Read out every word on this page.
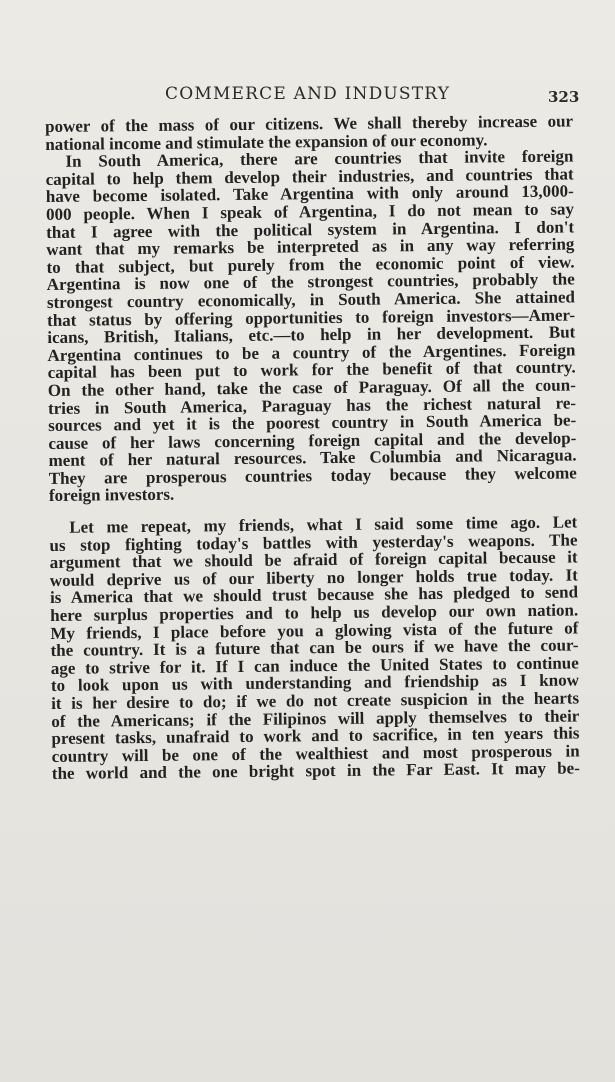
COMMERCE AND INDUSTRY	323
power of the mass of our citizens. We shall thereby increase our
national income and stimulate the expansion of our economy.
In South America, there are countries that invite foreign
capital to help them develop their industries, and countries that
have become isolated. Take Argentina with only around 13,000-
000 people. When I speak of Argentina, I do not mean to say
that I agree with the political system in Argentina. I don't
want that my remarks be interpreted as in any way referring
to that subject, but purely from the economic point of view.
Argentina is now one of the strongest countries, probably the
strongest country economically, in South America. She attained
that status by offering opportunities to foreign investors—Amer-
icans, British, Italians, etc.—to help in her development. But
Argentina continues to be a country of the Argentines. Foreign
capital has been put to work for the benefit of that country.
On the other hand, take the case of Paraguay. Of all the coun-
tries in South America, Paraguay has the richest natural re-
sources and yet it is the poorest country in South America be-
cause of her laws concerning foreign capital and the develop-
ment of her natural resources. Take Columbia and Nicaragua.
They are prosperous countries today because they welcome
foreign investors.
Let me repeat, my friends, what I said some time ago. Let
us stop fighting today's battles with yesterday's weapons. The
argument that we should be afraid of foreign capital because it
would deprive us of our liberty no longer holds true today. It
is America that we should trust because she has pledged to send
here surplus properties and to help us develop our own nation.
My friends, I place before you a glowing vista of the future of
the country. It is a future that can be ours if we have the cour-
age to strive for it. If I can induce the United States to continue
to look upon us with understanding and friendship as I know
it is her desire to do; if we do not create suspicion in the hearts
of the Americans; if the Filipinos will apply themselves to their
present tasks, unafraid to work and to sacrifice, in ten years this
country will be one of the wealthiest and most prosperous in
the world and the one bright spot in the Far East. It may be-
